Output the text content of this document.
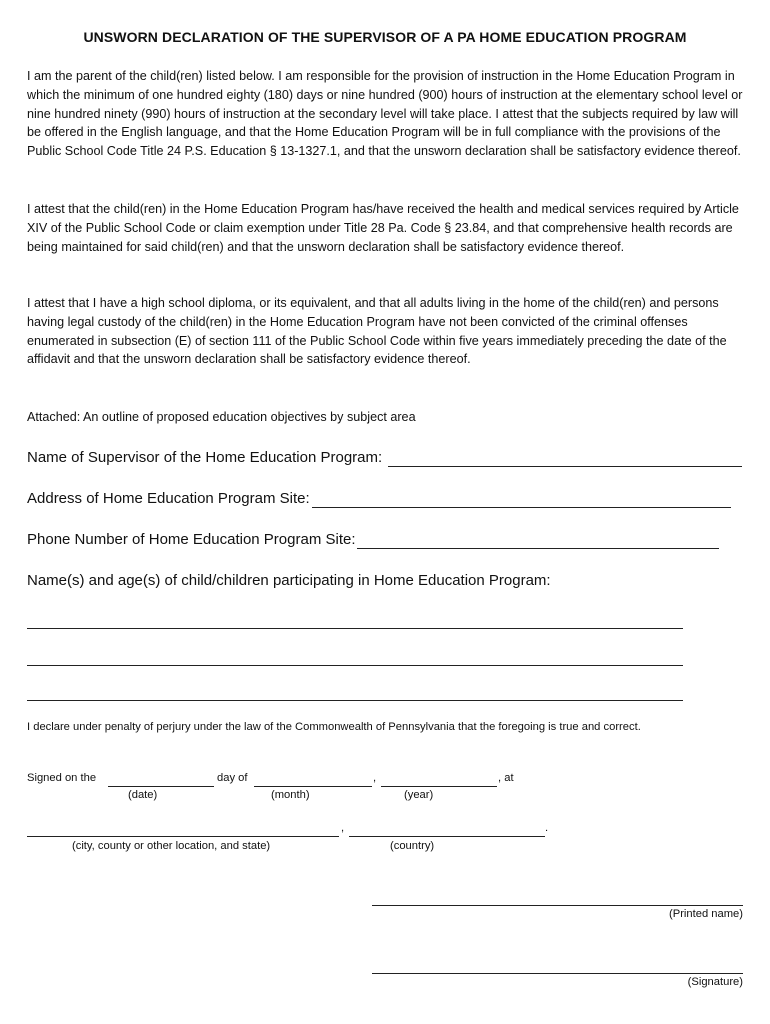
UNSWORN DECLARATION OF THE SUPERVISOR OF A PA HOME EDUCATION PROGRAM

I am the parent of the child(ren) listed below. I am responsible for the provision of instruction in the Home Education Program in which the minimum of one hundred eighty (180) days or nine hundred (900) hours of instruction at the elementary school level or nine hundred ninety (990) hours of instruction at the secondary level will take place. I attest that the subjects required by law will be offered in the English language, and that the Home Education Program will be in full compliance with the provisions of the Public School Code Title 24 P.S. Education § 13-1327.1, and that the unsworn declaration shall be satisfactory evidence thereof.

I attest that the child(ren) in the Home Education Program has/have received the health and medical services required by Article XIV of the Public School Code or claim exemption under Title 28 Pa. Code § 23.84, and that comprehensive health records are being maintained for said child(ren) and that the unsworn declaration shall be satisfactory evidence thereof.

I attest that I have a high school diploma, or its equivalent, and that all adults living in the home of the child(ren) and persons having legal custody of the child(ren) in the Home Education Program have not been convicted of the criminal offenses enumerated in subsection (E) of section 111 of the Public School Code within five years immediately preceding the date of the affidavit and that the unsworn declaration shall be satisfactory evidence thereof.

Attached: An outline of proposed education objectives by subject area
Name of Supervisor of the Home Education Program:
Address of Home Education Program Site:
Phone Number of Home Education Program Site:
Name(s) and age(s) of child/children participating in Home Education Program:

I declare under penalty of perjury under the law of the Commonwealth of Pennsylvania that the foregoing is true and correct.

Signed on the	day of	,	, at
(date)	(month)	(year)
,	.
(city, county or other location, and state)	(country)
(Printed name)
(Signature)
